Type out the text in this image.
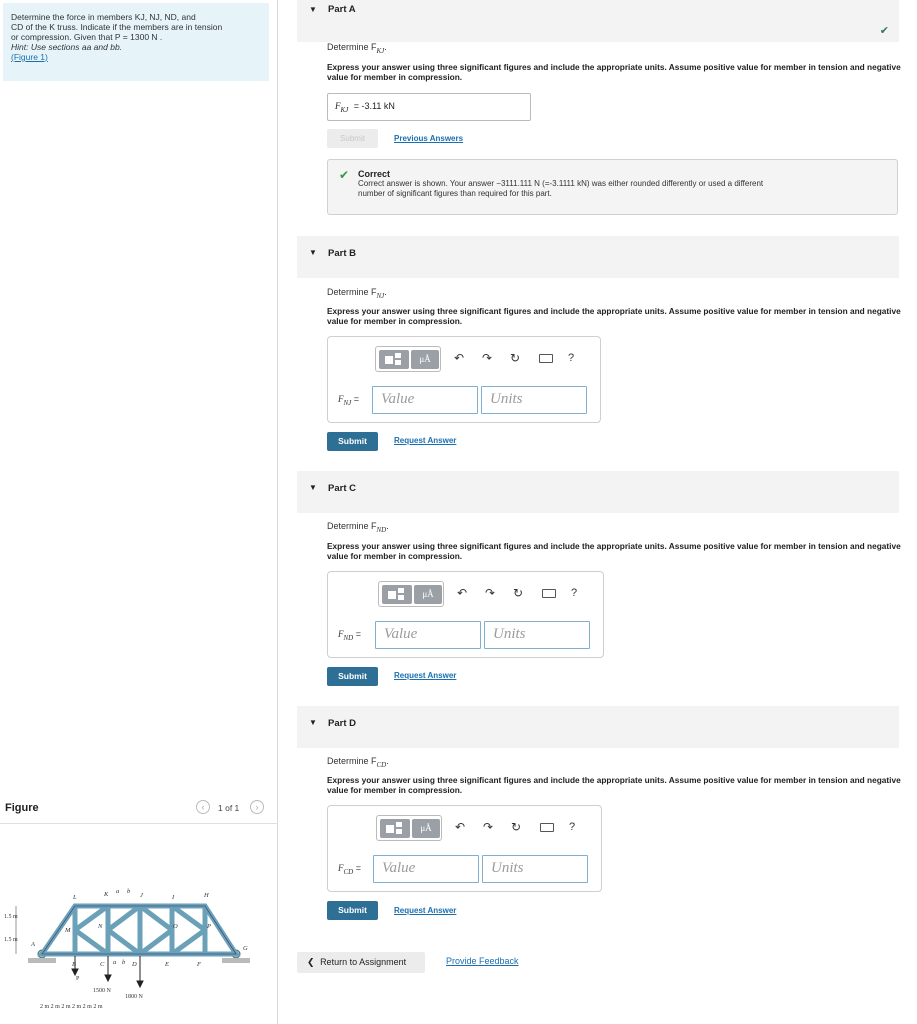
Determine the force in members KJ, NJ, ND, and
CD of the K truss. Indicate if the members are in tension
or compression. Given that P = 1300 N .
Hint: Use sections aa and bb.
(Figure 1)
Figure	‹	1 of 1	›
L	K a b
J	I	H
M
N	O	P
G
A
B	C	D	E	F
a b
1.5 m
1.5 m
P
1500 N
1800 N
2 m 2 m 2 m 2 m 2 m 2 m
▼ Part A
✔
Determine $F_{KJ}$.
Express your answer using three significant figures and include the appropriate units. Assume positive value for member in tension and negative value for member in compression.
$F_{KJ} = -3.11$ kN
Submit	Previous Answers
✔ Correct
Correct answer is shown. Your answer −3111.111 N (=-3.1111 kN) was either rounded differently or used a different
number of significant figures than required for this part.
▼ Part B
Determine $F_{NJ}$.
Express your answer using three significant figures and include the appropriate units. Assume positive value for member in tension and negative value for member in compression.
μÅ	↶ ↷ ↻	?
$F_{NJ}$ =	Value	Units
Submit	Request Answer
▼ Part C
Determine $F_{ND}$.
Express your answer using three significant figures and include the appropriate units. Assume positive value for member in tension and negative value for member in compression.
μÅ	↶ ↷ ↻	?
$F_{ND}$ =	Value	Units
Submit	Request Answer
▼ Part D
Determine $F_{CD}$.
Express your answer using three significant figures and include the appropriate units. Assume positive value for member in tension and negative value for member in compression.
μÅ	↶ ↷ ↻	?
$F_{CD}$ =	Value	Units
Submit	Request Answer
❮ Return to Assignment	Provide Feedback
